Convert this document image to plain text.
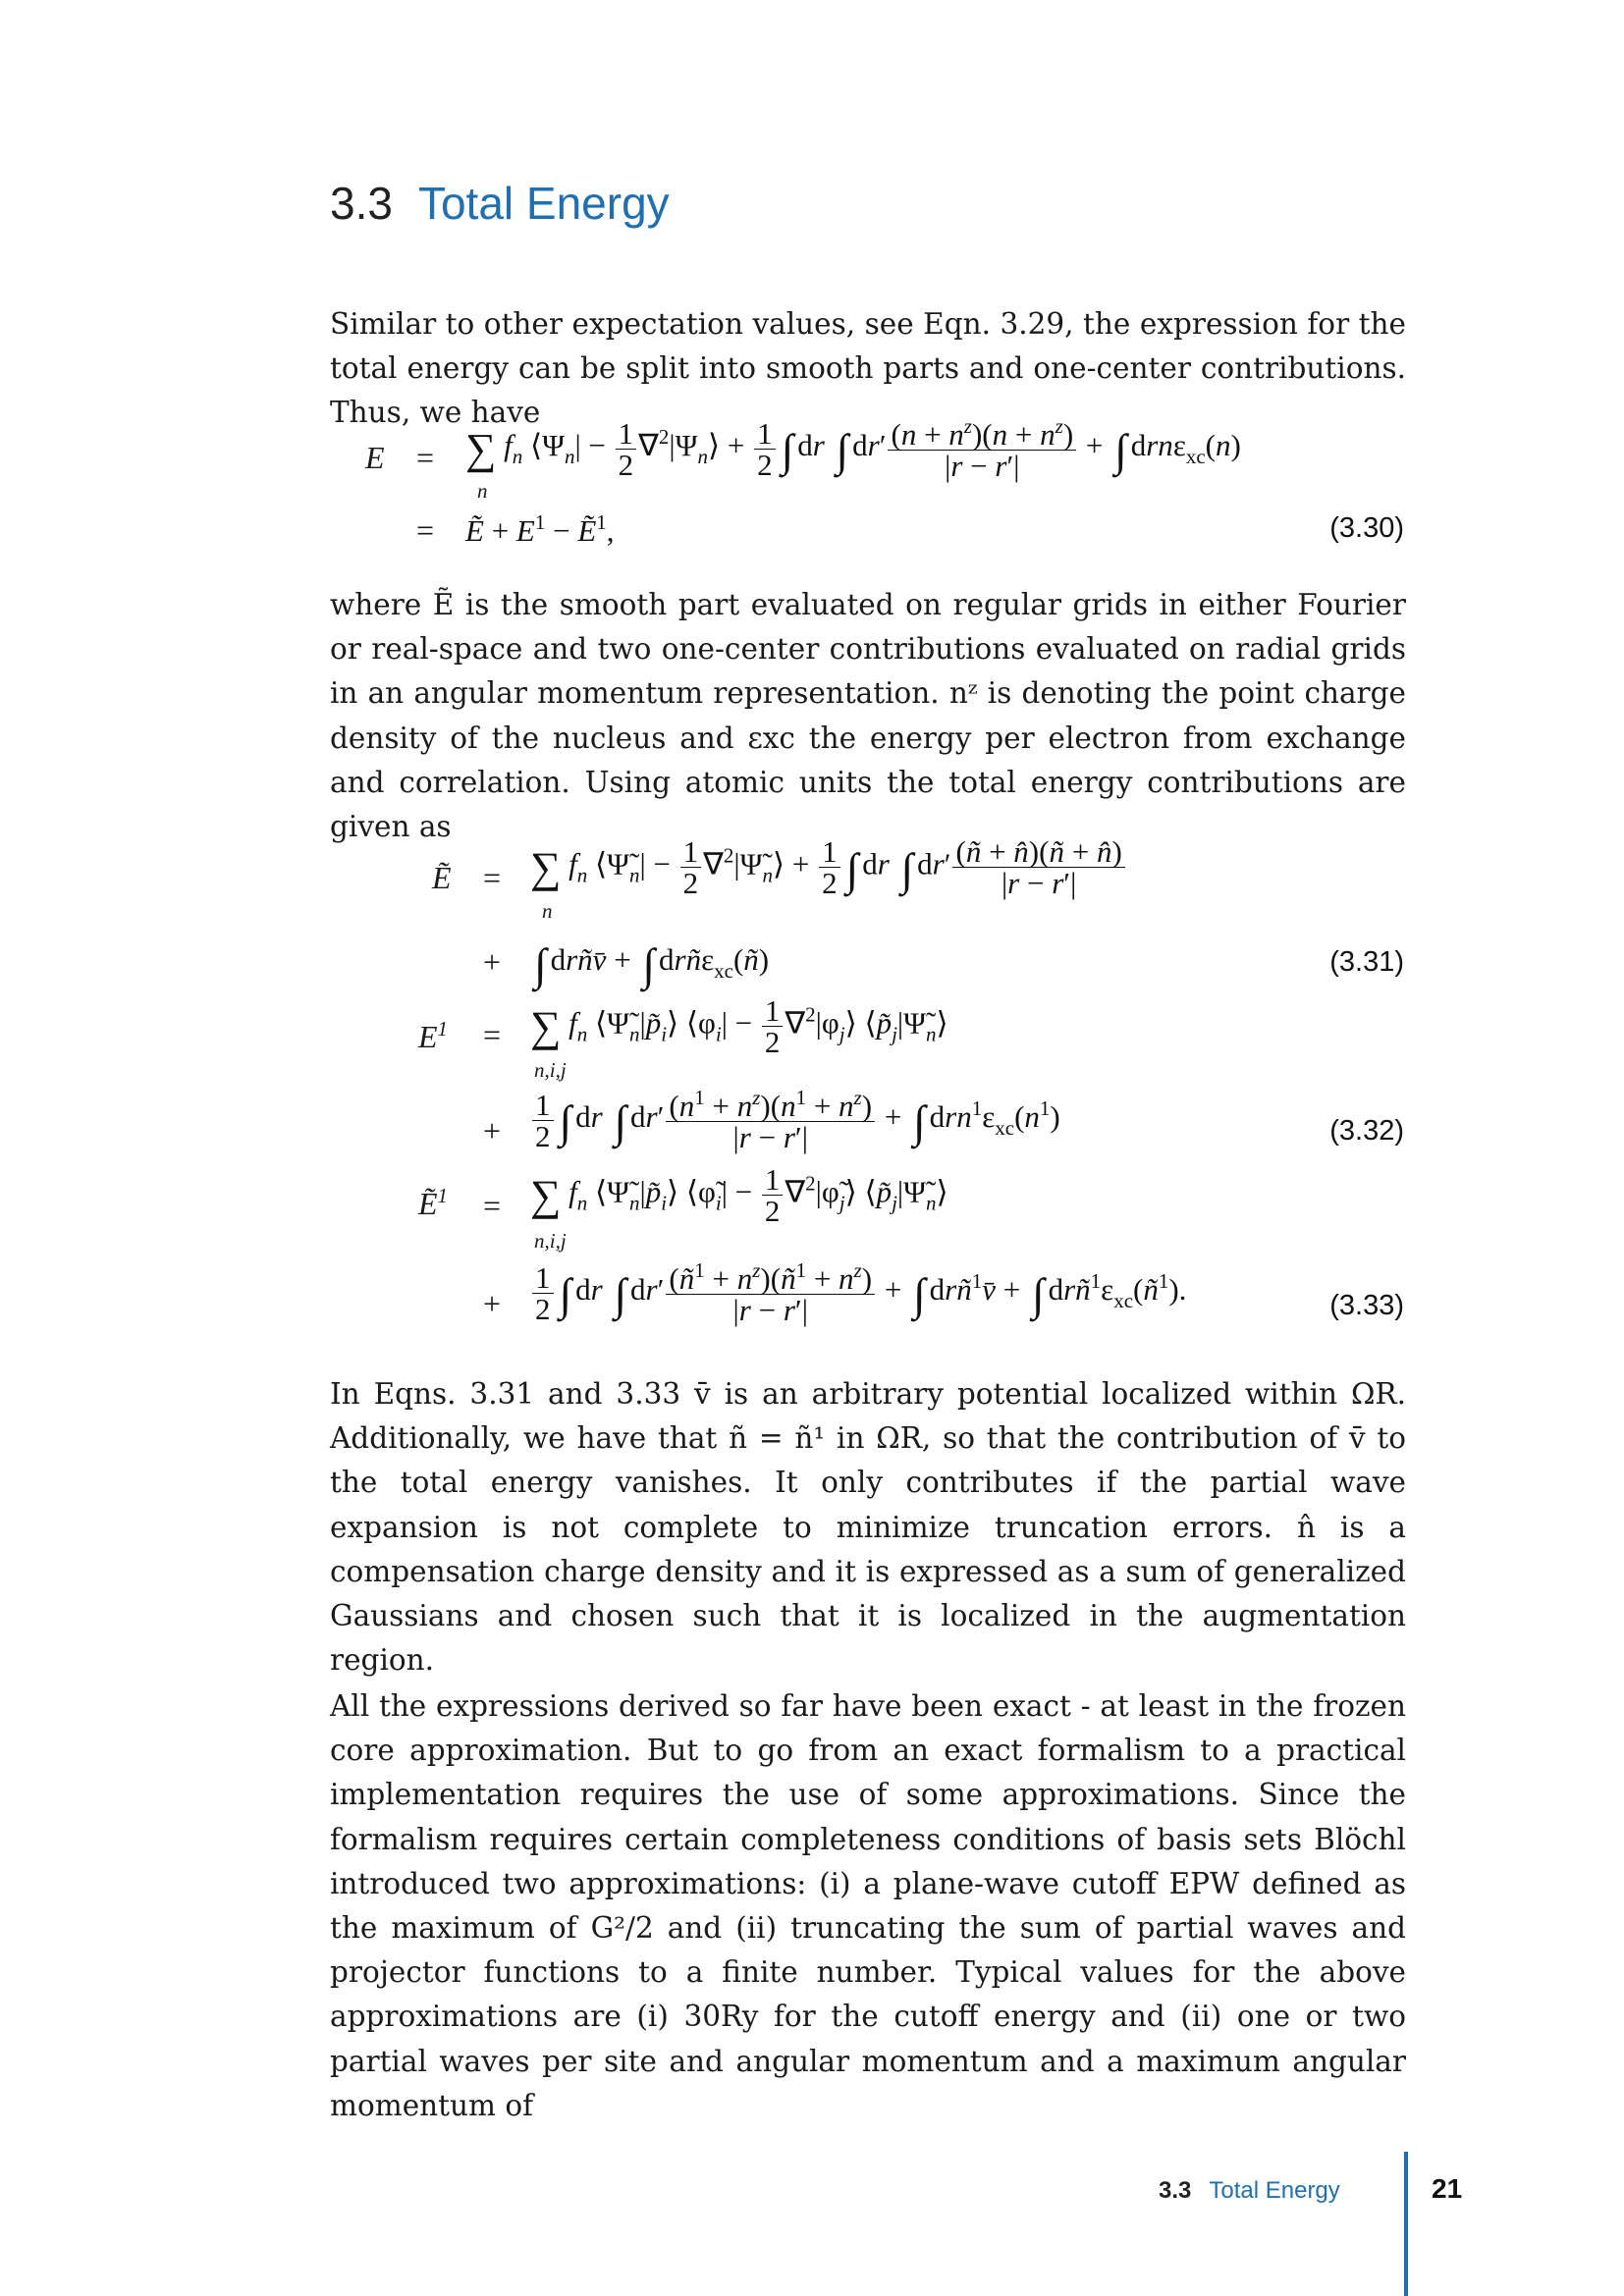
3.3 Total Energy

Similar to other expectation values, see Eqn. 3.29, the expression for the total energy can be split into smooth parts and one-center contributions. Thus, we have

E = ∑ $f_n$ $⟨\Psi_n| - \frac{1}{2}$ $\nabla^2|\Psi_n⟩ + \frac{1}{2}$ ∫ dr ∫ $dr' \frac{(n + n^z)(n + n^z)}{|r - r'|}$ + ∫ drnε$_{xc}$(n)
n
= Ẽ + $E^1$ − Ẽ$^1$,	(3.30)

where Ẽ is the smooth part evaluated on regular grids in either Fourier or real-space and two one-center contributions evaluated on radial grids in an angular momentum representation. nᶻ is denoting the point charge density of the nucleus and εxc the energy per electron from exchange and correlation. Using atomic units the total energy contributions are given as

Ẽ = ∑ $f_n$ $⟨\Psĩ_n| - \frac{1}{2}$ $\nabla^2|\Psĩ_n⟩ + \frac{1}{2}$ ∫ dr ∫ $dr' \frac{(ñ + n̂)(ñ + n̂)}{|r - r'|}$
n
+ ∫ drñv̄ + ∫ drñε$_{xc}$(ñ)	(3.31)
$E^1$ = ∑ $f_n$ $⟨\Psĩ_n|p̃_i⟩$ $⟨\varphi_i| - \frac{1}{2}$ $\nabla^2|\varphi_j⟩$ $⟨p̃_j|\Psĩ_n⟩$
n,i,j
+ $\frac{1}{2}$ ∫ dr ∫ $dr' \frac{(n^1 + n^z)(n^1 + n^z)}{|r - r'|}$ + ∫ $drn^1\varepsilon_{xc}(n^1)$	(3.32)
Ẽ$^1$ = ∑ $f_n$ $⟨\Psĩ_n|p̃_i⟩$ $⟨\varphĩ_i| - \frac{1}{2}$ $\nabla^2|\varphĩ_j⟩$ $⟨p̃_j|\Psĩ_n⟩$
n,i,j
+ $\frac{1}{2}$ ∫ dr ∫ $dr' \frac{(ñ^1 + n^z)(ñ^1 + n^z)}{|r - r'|}$ + ∫ drñ$^1$v̄ + ∫ $drñ^1\varepsilon_{xc}(ñ^1)$.	(3.33)

In Eqns. 3.31 and 3.33 v̄ is an arbitrary potential localized within ΩR. Additionally, we have that ñ = ñ¹ in ΩR, so that the contribution of v̄ to the total energy vanishes. It only contributes if the partial wave expansion is not complete to minimize truncation errors. n̂ is a compensation charge density and it is expressed as a sum of generalized Gaussians and chosen such that it is localized in the augmentation region.

All the expressions derived so far have been exact - at least in the frozen core approximation. But to go from an exact formalism to a practical implementation requires the use of some approximations. Since the formalism requires certain completeness conditions of basis sets Blöchl introduced two approximations: (i) a plane-wave cutoff EPW defined as the maximum of G²/2 and (ii) truncating the sum of partial waves and projector functions to a finite number. Typical values for the above approximations are (i) 30Ry for the cutoff energy and (ii) one or two partial waves per site and angular momentum and a maximum angular momentum of

3.3 Total Energy	21
